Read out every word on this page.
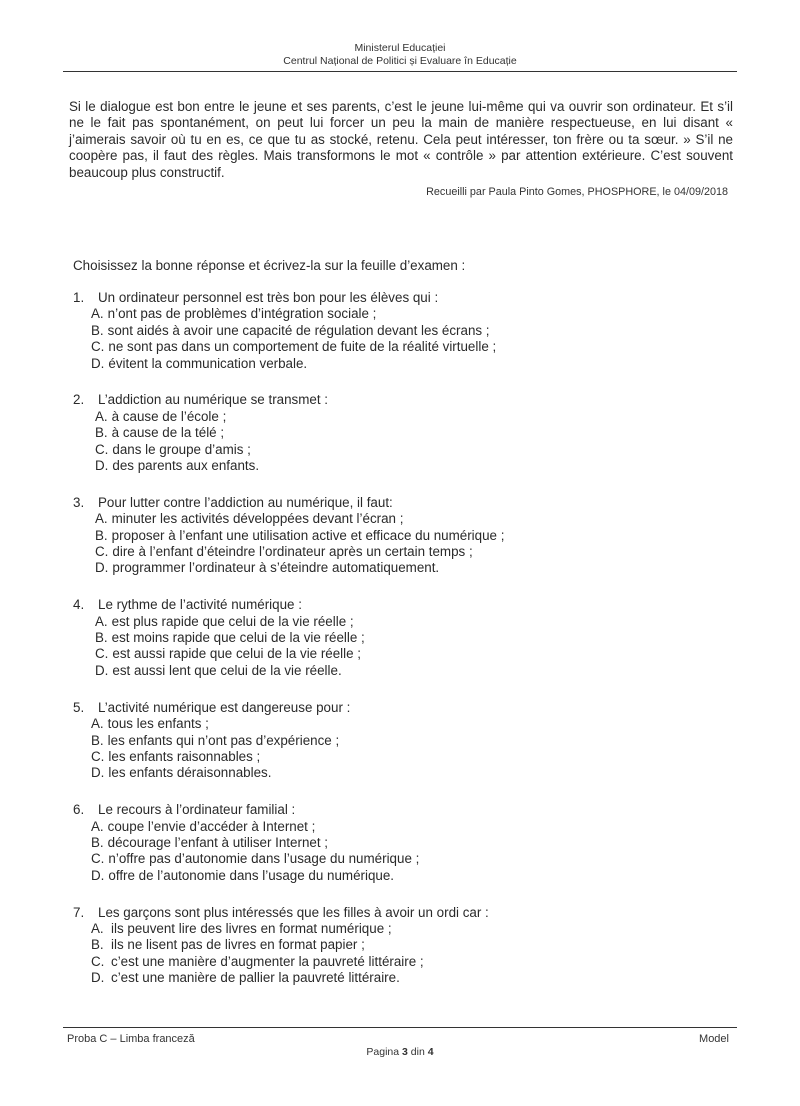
Ministerul Educației
Centrul Național de Politici și Evaluare în Educație

Si le dialogue est bon entre le jeune et ses parents, c’est le jeune lui-même qui va ouvrir son ordinateur. Et s’il ne le fait pas spontanément, on peut lui forcer un peu la main de manière respectueuse, en lui disant « j’aimerais savoir où tu en es, ce que tu as stocké, retenu. Cela peut intéresser, ton frère ou ta sœur. » S’il ne coopère pas, il faut des règles. Mais transformons le mot « contrôle » par attention extérieure. C’est souvent beaucoup plus constructif.

Recueilli par Paula Pinto Gomes, PHOSPHORE, le 04/09/2018
Choisissez la bonne réponse et écrivez-la sur la feuille d’examen :
1.	Un ordinateur personnel est très bon pour les élèves qui :
A. n’ont pas de problèmes d’intégration sociale ;
B. sont aidés à avoir une capacité de régulation devant les écrans ;
C. ne sont pas dans un comportement de fuite de la réalité virtuelle ;
D. évitent la communication verbale.
2.	L’addiction au numérique se transmet :
A. à cause de l’école ;
B. à cause de la télé ;
C. dans le groupe d’amis ;
D. des parents aux enfants.
3.	Pour lutter contre l’addiction au numérique, il faut:
A. minuter les activités développées devant l’écran ;
B. proposer à l’enfant une utilisation active et efficace du numérique ;
C. dire à l’enfant d’éteindre l’ordinateur après un certain temps ;
D. programmer l’ordinateur à s’éteindre automatiquement.
4.	Le rythme de l’activité numérique :
A. est plus rapide que celui de la vie réelle ;
B. est moins rapide que celui de la vie réelle ;
C. est aussi rapide que celui de la vie réelle ;
D. est aussi lent que celui de la vie réelle.
5.	L’activité numérique est dangereuse pour :
A. tous les enfants ;
B. les enfants qui n’ont pas d’expérience ;
C. les enfants raisonnables ;
D. les enfants déraisonnables.
6.	Le recours à l’ordinateur familial :
A. coupe l’envie d’accéder à Internet ;
B. décourage l’enfant à utiliser Internet ;
C. n’offre pas d’autonomie dans l’usage du numérique ;
D. offre de l’autonomie dans l’usage du numérique.
7.	Les garçons sont plus intéressés que les filles à avoir un ordi car :
A. ils peuvent lire des livres en format numérique ;
B. ils ne lisent pas de livres en format papier ;
C. c’est une manière d’augmenter la pauvreté littéraire ;
D. c’est une manière de pallier la pauvreté littéraire.
Proba C – Limba franceză	Model
Pagina 3 din 4
